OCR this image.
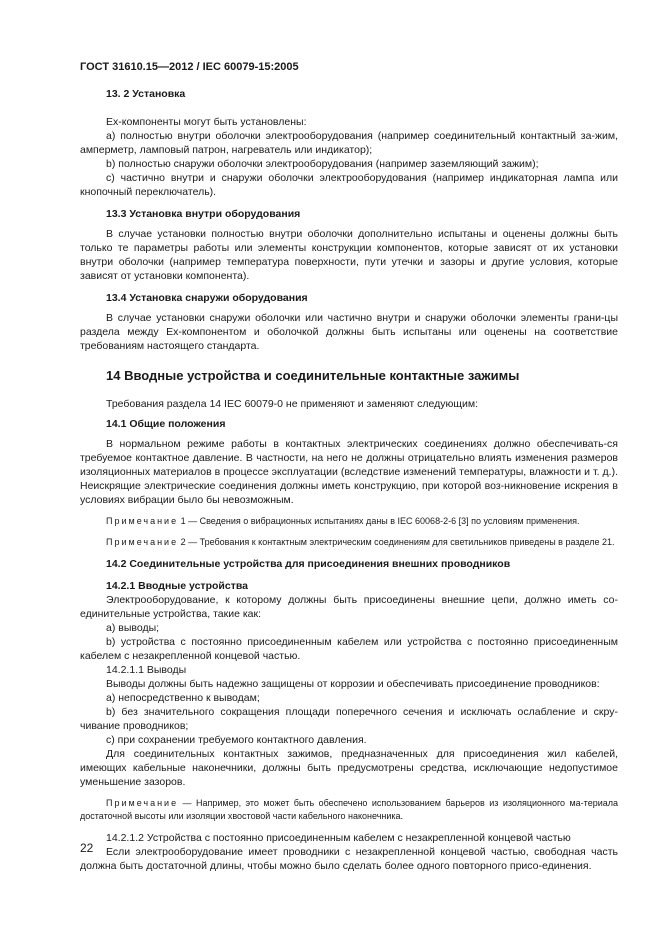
ГОСТ 31610.15—2012 / IEC 60079-15:2005

13. 2 Установка

Ех-компоненты могут быть установлены:

а) полностью внутри оболочки электрооборудования (например соединительный контактный за-жим, амперметр, ламповый патрон, нагреватель или индикатор);

b) полностью снаружи оболочки электрооборудования (например заземляющий зажим);

с) частично внутри и снаружи оболочки электрооборудования (например индикаторная лампа или кнопочный переключатель).

13.3 Установка внутри оборудования

В случае установки полностью внутри оболочки дополнительно испытаны и оценены должны быть только те параметры работы или элементы конструкции компонентов, которые зависят от их установки внутри оболочки (например температура поверхности, пути утечки и зазоры и другие условия, которые зависят от установки компонента).

13.4 Установка снаружи оборудования

В случае установки снаружи оболочки или частично внутри и снаружи оболочки элементы грани-цы раздела между Ех-компонентом и оболочкой должны быть испытаны или оценены на соответствие требованиям настоящего стандарта.

14 Вводные устройства и соединительные контактные зажимы

Требования раздела 14 IEC 60079-0 не применяют и заменяют следующим:

14.1 Общие положения

В нормальном режиме работы в контактных электрических соединениях должно обеспечивать-ся требуемое контактное давление. В частности, на него не должны отрицательно влиять изменения размеров изоляционных материалов в процессе эксплуатации (вследствие изменений температуры, влажности и т. д.). Неискрящие электрические соединения должны иметь конструкцию, при которой воз-никновение искрения в условиях вибрации было бы невозможным.

Примечание 1 — Сведения о вибрационных испытаниях даны в IEC 60068-2-6 [3] по условиям применения.

Примечание 2 — Требования к контактным электрическим соединениям для светильников приведены в разделе 21.

14.2 Соединительные устройства для присоединения внешних проводников

14.2.1 Вводные устройства

Электрооборудование, к которому должны быть присоединены внешние цепи, должно иметь со-единительные устройства, такие как:

а) выводы;

b) устройства с постоянно присоединенным кабелем или устройства с постоянно присоединенным кабелем с незакрепленной концевой частью.

14.2.1.1 Выводы

Выводы должны быть надежно защищены от коррозии и обеспечивать присоединение проводников:

а) непосредственно к выводам;

b) без значительного сокращения площади поперечного сечения и исключать ослабление и скру-чивание проводников;

с) при сохранении требуемого контактного давления.

Для соединительных контактных зажимов, предназначенных для присоединения жил кабелей, имеющих кабельные наконечники, должны быть предусмотрены средства, исключающие недопустимое уменьшение зазоров.

Примечание — Например, это может быть обеспечено использованием барьеров из изоляционного ма-териала достаточной высоты или изоляции хвостовой части кабельного наконечника.

14.2.1.2 Устройства с постоянно присоединенным кабелем с незакрепленной концевой частью

Если электрооборудование имеет проводники с незакрепленной концевой частью, свободная часть должна быть достаточной длины, чтобы можно было сделать более одного повторного присо-единения.

22
